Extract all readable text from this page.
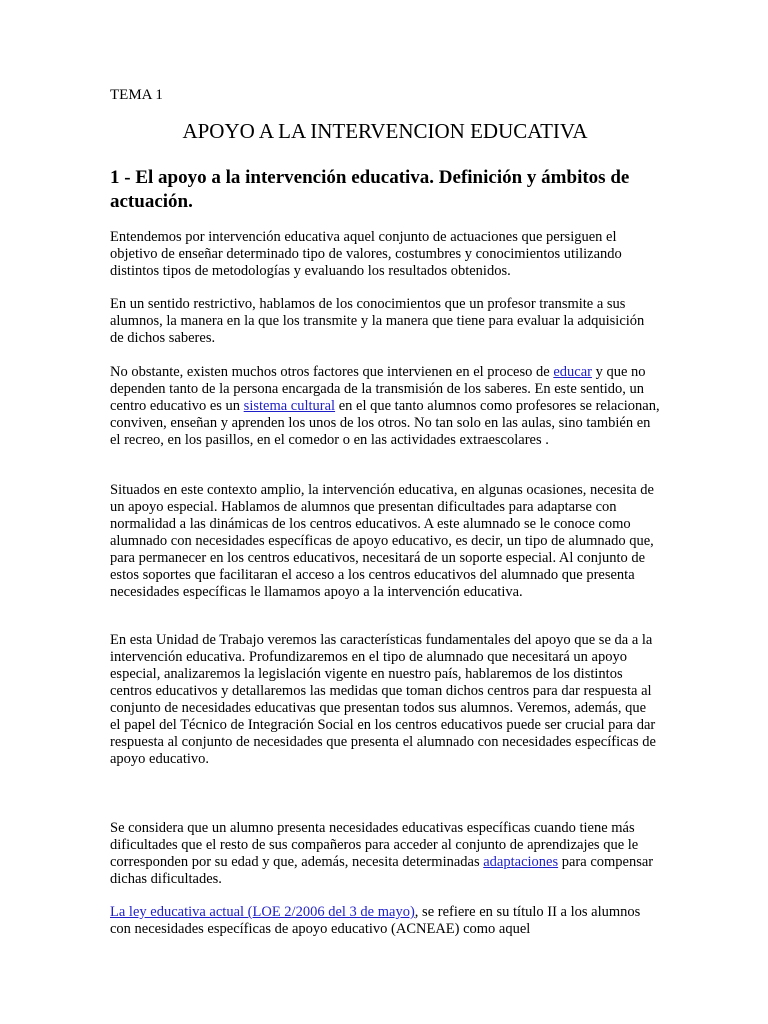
TEMA 1

APOYO A LA INTERVENCION EDUCATIVA
1 - El apoyo a la intervención educativa. Definición y ámbitos de actuación.

Entendemos por intervención educativa aquel conjunto de actuaciones que persiguen el objetivo de enseñar determinado tipo de valores, costumbres y conocimientos utilizando distintos tipos de metodologías y evaluando los resultados obtenidos.

En un sentido restrictivo, hablamos de los conocimientos que un profesor transmite a sus alumnos, la manera en la que los transmite y la manera que tiene para evaluar la adquisición de dichos saberes.

No obstante, existen muchos otros factores que intervienen en el proceso de educar y que no dependen tanto de la persona encargada de la transmisión de los saberes. En este sentido, un centro educativo es un sistema cultural en el que tanto alumnos como profesores se relacionan, conviven, enseñan y aprenden los unos de los otros. No tan solo en las aulas, sino también en el recreo, en los pasillos, en el comedor o en las actividades extraescolares .

Situados en este contexto amplio, la intervención educativa, en algunas ocasiones, necesita de un apoyo especial. Hablamos de alumnos que presentan dificultades para adaptarse con normalidad a las dinámicas de los centros educativos. A este alumnado se le conoce como alumnado con necesidades específicas de apoyo educativo, es decir, un tipo de alumnado que, para permanecer en los centros educativos, necesitará de un soporte especial. Al conjunto de estos soportes que facilitaran el acceso a los centros educativos del alumnado que presenta necesidades específicas le llamamos apoyo a la intervención educativa.

En esta Unidad de Trabajo veremos las características fundamentales del apoyo que se da a la intervención educativa. Profundizaremos en el tipo de alumnado que necesitará un apoyo especial, analizaremos la legislación vigente en nuestro país, hablaremos de los distintos centros educativos y detallaremos las medidas que toman dichos centros para dar respuesta al conjunto de necesidades educativas que presentan todos sus alumnos. Veremos, además, que el papel del Técnico de Integración Social en los centros educativos puede ser crucial para dar respuesta al conjunto de necesidades que presenta el alumnado con necesidades específicas de apoyo educativo.

Se considera que un alumno presenta necesidades educativas específicas cuando tiene más dificultades que el resto de sus compañeros para acceder al conjunto de aprendizajes que le corresponden por su edad y que, además, necesita determinadas adaptaciones para compensar dichas dificultades.

La ley educativa actual (LOE 2/2006 del 3 de mayo), se refiere en su título II a los alumnos con necesidades específicas de apoyo educativo (ACNEAE) como aquel
